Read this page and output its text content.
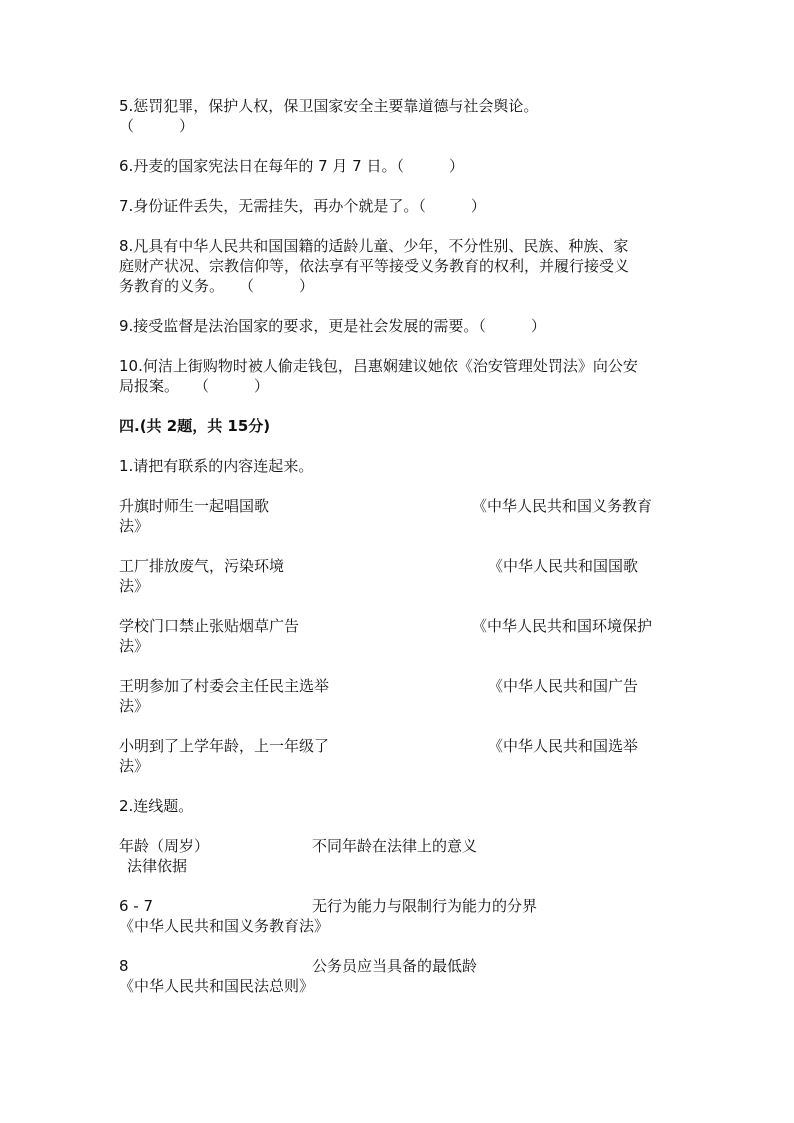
5.惩罚犯罪，保护人权，保卫国家安全主要靠道德与社会舆论。
（　　　）
6.丹麦的国家宪法日在每年的 7 月 7 日。（　　　）
7.身份证件丢失，无需挂失，再办个就是了。（　　　）
8.凡具有中华人民共和国国籍的适龄儿童、少年，不分性别、民族、种族、家
庭财产状况、宗教信仰等，依法享有平等接受义务教育的权利，并履行接受义
务教育的义务。　　（　　　）
9.接受监督是法治国家的要求，更是社会发展的需要。（　　　）
10.何洁上街购物时被人偷走钱包，吕惠娴建议她依《治安管理处罚法》向公安
局报案。　　（　　　）
四.(共 2题，共 15分)
1.请把有联系的内容连起来。
升旗时师生一起唱国歌	《中华人民共和国义务教育
法》
工厂排放废气，污染环境	《中华人民共和国国歌
法》
学校门口禁止张贴烟草广告	《中华人民共和国环境保护
法》
王明参加了村委会主任民主选举	《中华人民共和国广告
法》
小明到了上学年龄，上一年级了	《中华人民共和国选举
法》
2.连线题。
年龄（周岁）	不同年龄在法律上的意义
法律依据
6 - 7	无行为能力与限制行为能力的分界
《中华人民共和国义务教育法》
8	公务员应当具备的最低龄
《中华人民共和国民法总则》
